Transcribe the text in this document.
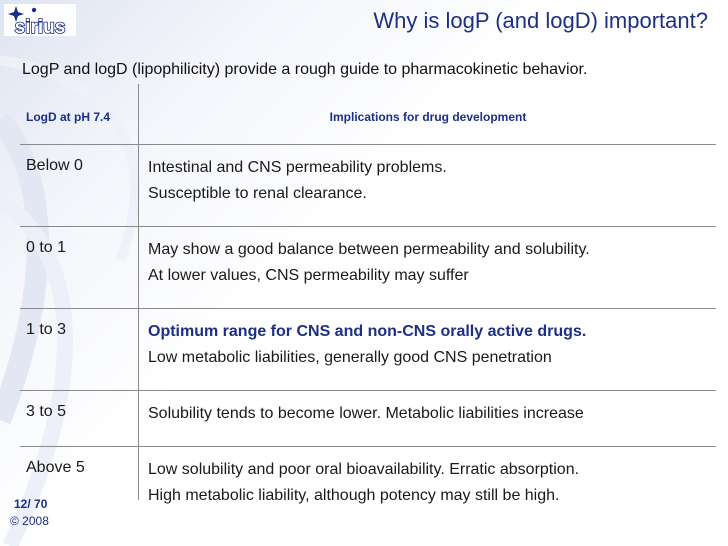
sirius	Why is logP (and logD) important?
LogP and logD (lipophilicity) provide a rough guide to pharmacokinetic behavior.
LogD at pH 7.4	Implications for drug development
Below 0	Intestinal and CNS permeability problems.
Susceptible to renal clearance.
0 to 1	May show a good balance between permeability and solubility.
At lower values, CNS permeability may suffer
1 to 3	Optimum range for CNS and non-CNS orally active drugs.
Low metabolic liabilities, generally good CNS penetration
3 to 5	Solubility tends to become lower. Metabolic liabilities increase
Above 5	Low solubility and poor oral bioavailability. Erratic absorption.
High metabolic liability, although potency may still be high.
12/ 70
© 2008
